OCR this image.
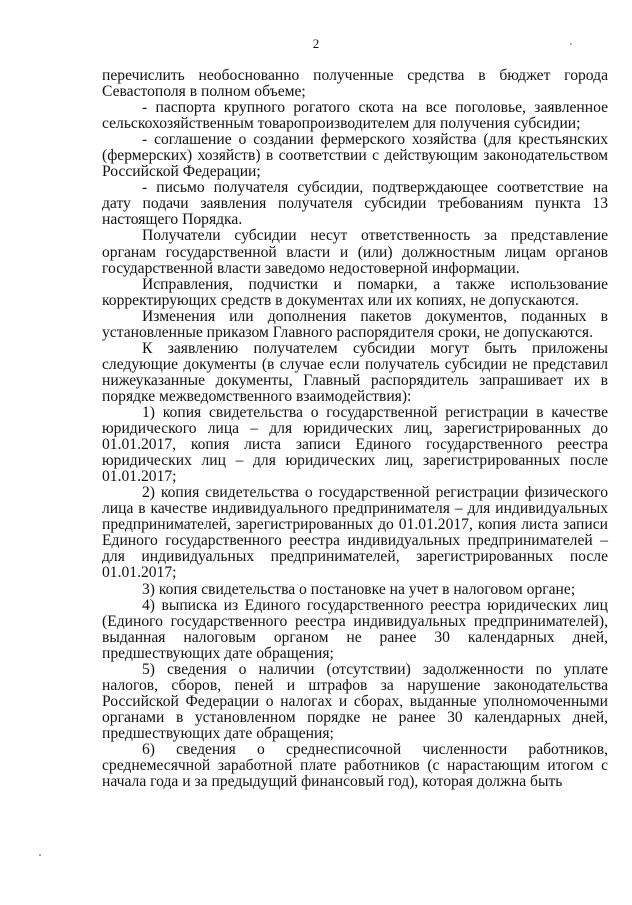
2

перечислить необоснованно полученные средства в бюджет города Севастополя в полном объеме;

- паспорта крупного рогатого скота на все поголовье, заявленное сельскохозяйственным товаропроизводителем для получения субсидии;

- соглашение о создании фермерского хозяйства (для крестьянских (фермерских) хозяйств) в соответствии с действующим законодательством Российской Федерации;

- письмо получателя субсидии, подтверждающее соответствие на дату подачи заявления получателя субсидии требованиям пункта 13 настоящего Порядка.

Получатели субсидии несут ответственность за представление органам государственной власти и (или) должностным лицам органов государственной власти заведомо недостоверной информации.

Исправления, подчистки и помарки, а также использование корректирующих средств в документах или их копиях, не допускаются.

Изменения или дополнения пакетов документов, поданных в установленные приказом Главного распорядителя сроки, не допускаются.

К заявлению получателем субсидии могут быть приложены следующие документы (в случае если получатель субсидии не представил нижеуказанные документы, Главный распорядитель запрашивает их в порядке межведомственного взаимодействия):

1) копия свидетельства о государственной регистрации в качестве юридического лица – для юридических лиц, зарегистрированных до 01.01.2017, копия листа записи Единого государственного реестра юридических лиц – для юридических лиц, зарегистрированных после 01.01.2017;

2) копия свидетельства о государственной регистрации физического лица в качестве индивидуального предпринимателя – для индивидуальных предпринимателей, зарегистрированных до 01.01.2017, копия листа записи Единого государственного реестра индивидуальных предпринимателей – для индивидуальных предпринимателей, зарегистрированных после 01.01.2017;

3) копия свидетельства о постановке на учет в налоговом органе;

4) выписка из Единого государственного реестра юридических лиц (Единого государственного реестра индивидуальных предпринимателей), выданная налоговым органом не ранее 30 календарных дней, предшествующих дате обращения;

5) сведения о наличии (отсутствии) задолженности по уплате налогов, сборов, пеней и штрафов за нарушение законодательства Российской Федерации о налогах и сборах, выданные уполномоченными органами в установленном порядке не ранее 30 календарных дней, предшествующих дате обращения;

6) сведения о среднесписочной численности работников, среднемесячной заработной плате работников (с нарастающим итогом с начала года и за предыдущий финансовый год), которая должна быть
